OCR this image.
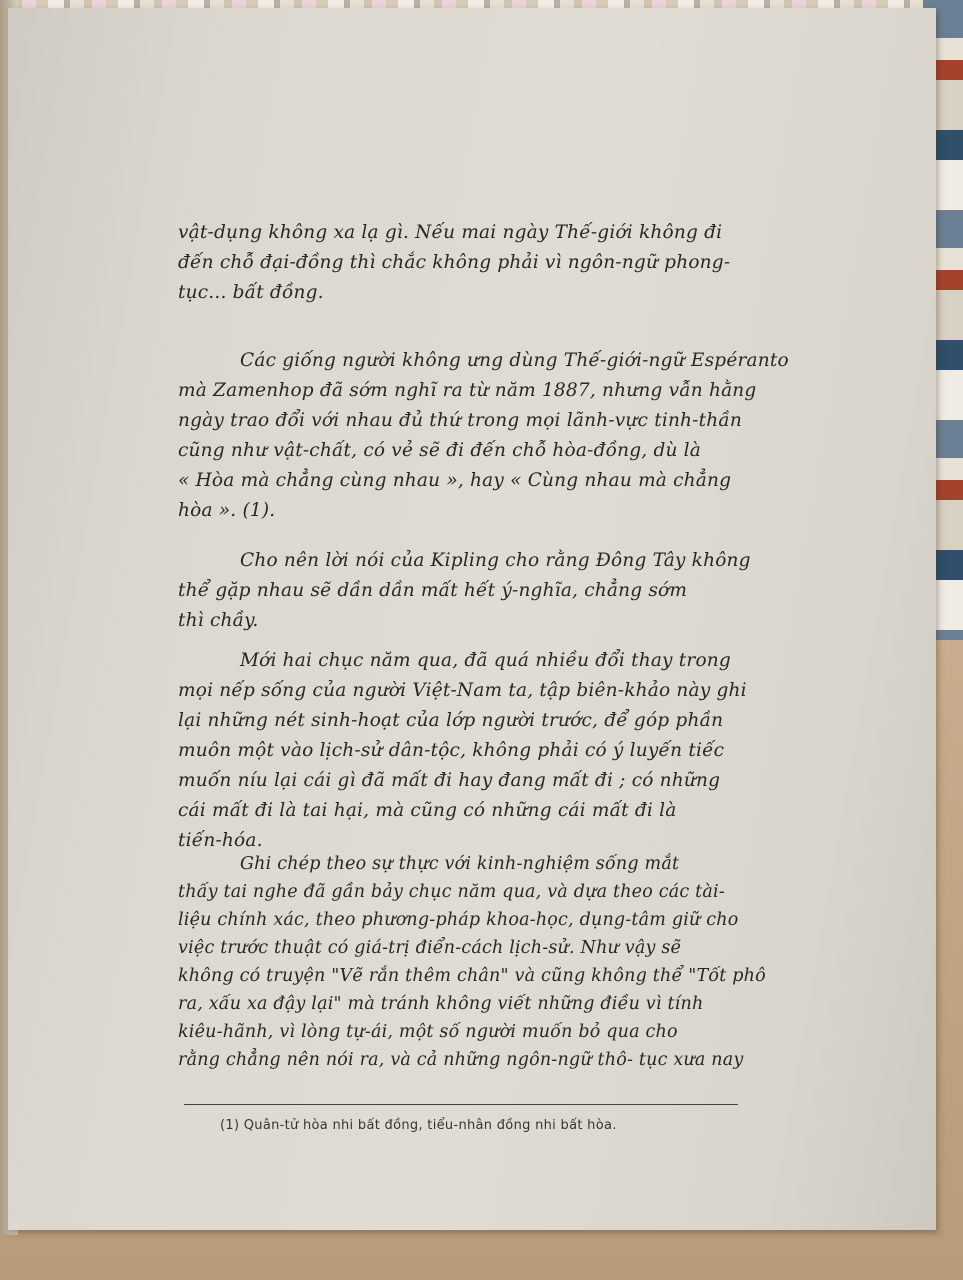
vật-dụng không xa lạ gì. Nếu mai ngày Thế-giới không đi
đến chỗ đại-đồng thì chắc không phải vì ngôn-ngữ phong-
tục... bất đồng.

Các giống người không ưng dùng Thế-giới-ngữ Espéranto
mà Zamenhop đã sớm nghĩ ra từ năm 1887, nhưng vẫn hằng
ngày trao đổi với nhau đủ thứ trong mọi lãnh-vực tinh-thần
cũng như vật-chất, có vẻ sẽ đi đến chỗ hòa-đồng, dù là
« Hòa mà chẳng cùng nhau », hay « Cùng nhau mà chẳng
hòa ». (1).

Cho nên lời nói của Kipling cho rằng Đông Tây không
thể gặp nhau sẽ dần dần mất hết ý-nghĩa, chẳng sớm
thì chầy.

Mới hai chục năm qua, đã quá nhiều đổi thay trong
mọi nếp sống của người Việt-Nam ta, tập biên-khảo này ghi
lại những nét sinh-hoạt của lớp người trước, để góp phần
muôn một vào lịch-sử dân-tộc, không phải có ý luyến tiếc
muốn níu lại cái gì đã mất đi hay đang mất đi ; có những
cái mất đi là tai hại, mà cũng có những cái mất đi là
tiến-hóa.

Ghi chép theo sự thực với kinh-nghiệm sống mắt
thấy tai nghe đã gần bảy chục năm qua, và dựa theo các tài-
liệu chính xác, theo phương-pháp khoa-học, dụng-tâm giữ cho
việc trước thuật có giá-trị điển-cách lịch-sử. Như vậy sẽ
không có truyện "Vẽ rắn thêm chân" và cũng không thể "Tốt phô
ra, xấu xa đậy lại" mà tránh không viết những điều vì tính
kiêu-hãnh, vì lòng tự-ái, một số người muốn bỏ qua cho
rằng chẳng nên nói ra, và cả những ngôn-ngữ thô- tục xưa nay

(1) Quân-tử hòa nhi bất đồng, tiểu-nhân đồng nhi bất hòa.
